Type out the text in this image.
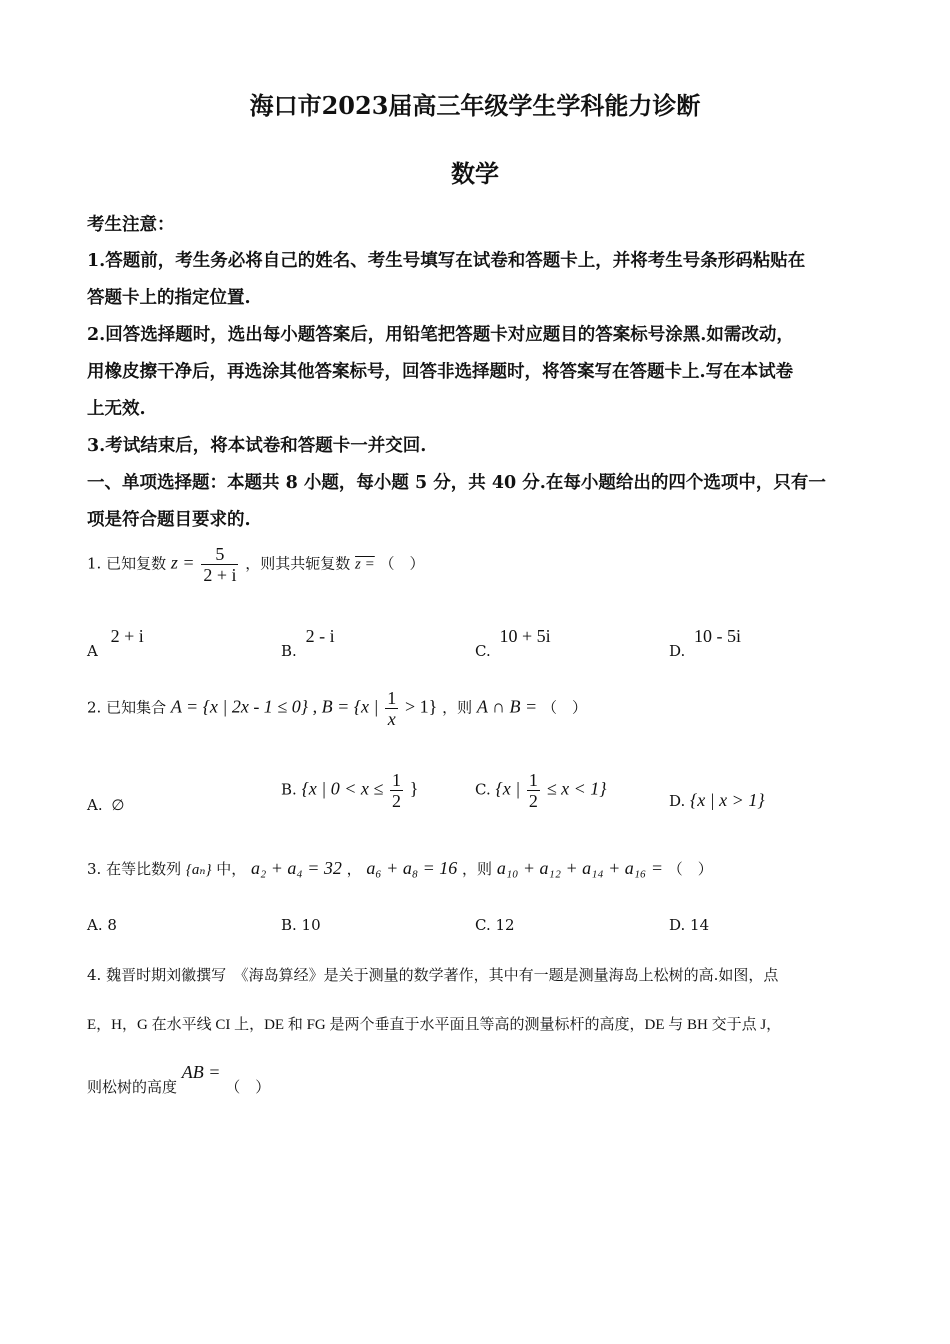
海口市2023届高三年级学生学科能力诊断
数学
考生注意：
1.答题前，考生务必将自己的姓名、考生号填写在试卷和答题卡上，并将考生号条形码粘贴在
答题卡上的指定位置.
2.回答选择题时，选出每小题答案后，用铅笔把答题卡对应题目的答案标号涂黑.如需改动，
用橡皮擦干净后，再选涂其他答案标号，回答非选择题时，将答案写在答题卡上.写在本试卷
上无效.
3.考试结束后，将本试卷和答题卡一并交回.
一、单项选择题：本题共 8 小题，每小题 5 分，共 40 分.在每小题给出的四个选项中，只有一
项是符合题目要求的.
1. 已知复数 $z = \frac{5}{2 + i}$ ，则其共轭复数 z = （　）
A 2 + i
B. 2 - i
C. 10 + 5i
D. 10 - 5i
2. 已知集合 A = {x | 2x - 1 ≤ 0} , B = {x | $\frac{1}{x} > 1$} ，则 A ∩ B = （　）
A. ∅
B. {x | $0 < x \le \frac{1}{2}$ }	C. {x | $\frac{1}{2} \le x < 1$}
D. {x | x > 1}
3. 在等比数列 {aₙ} 中， a₂ + a₄ = 32 ， a₆ + a₈ = 16 ，则 a₁₀ + a₁₂ + a₁₄ + a₁₆ = （　）
A. 8	B. 10	C. 12	D. 14
4. 魏晋时期刘徽撰写　《海岛算经》是关于测量的数学著作，其中有一题是测量海岛上松树的高.如图，点
E，H，G 在水平线 CI 上，DE 和 FG 是两个垂直于水平面且等高的测量标杆的高度，DE 与 BH 交于点 J，
则松树的高度 AB = （　）
